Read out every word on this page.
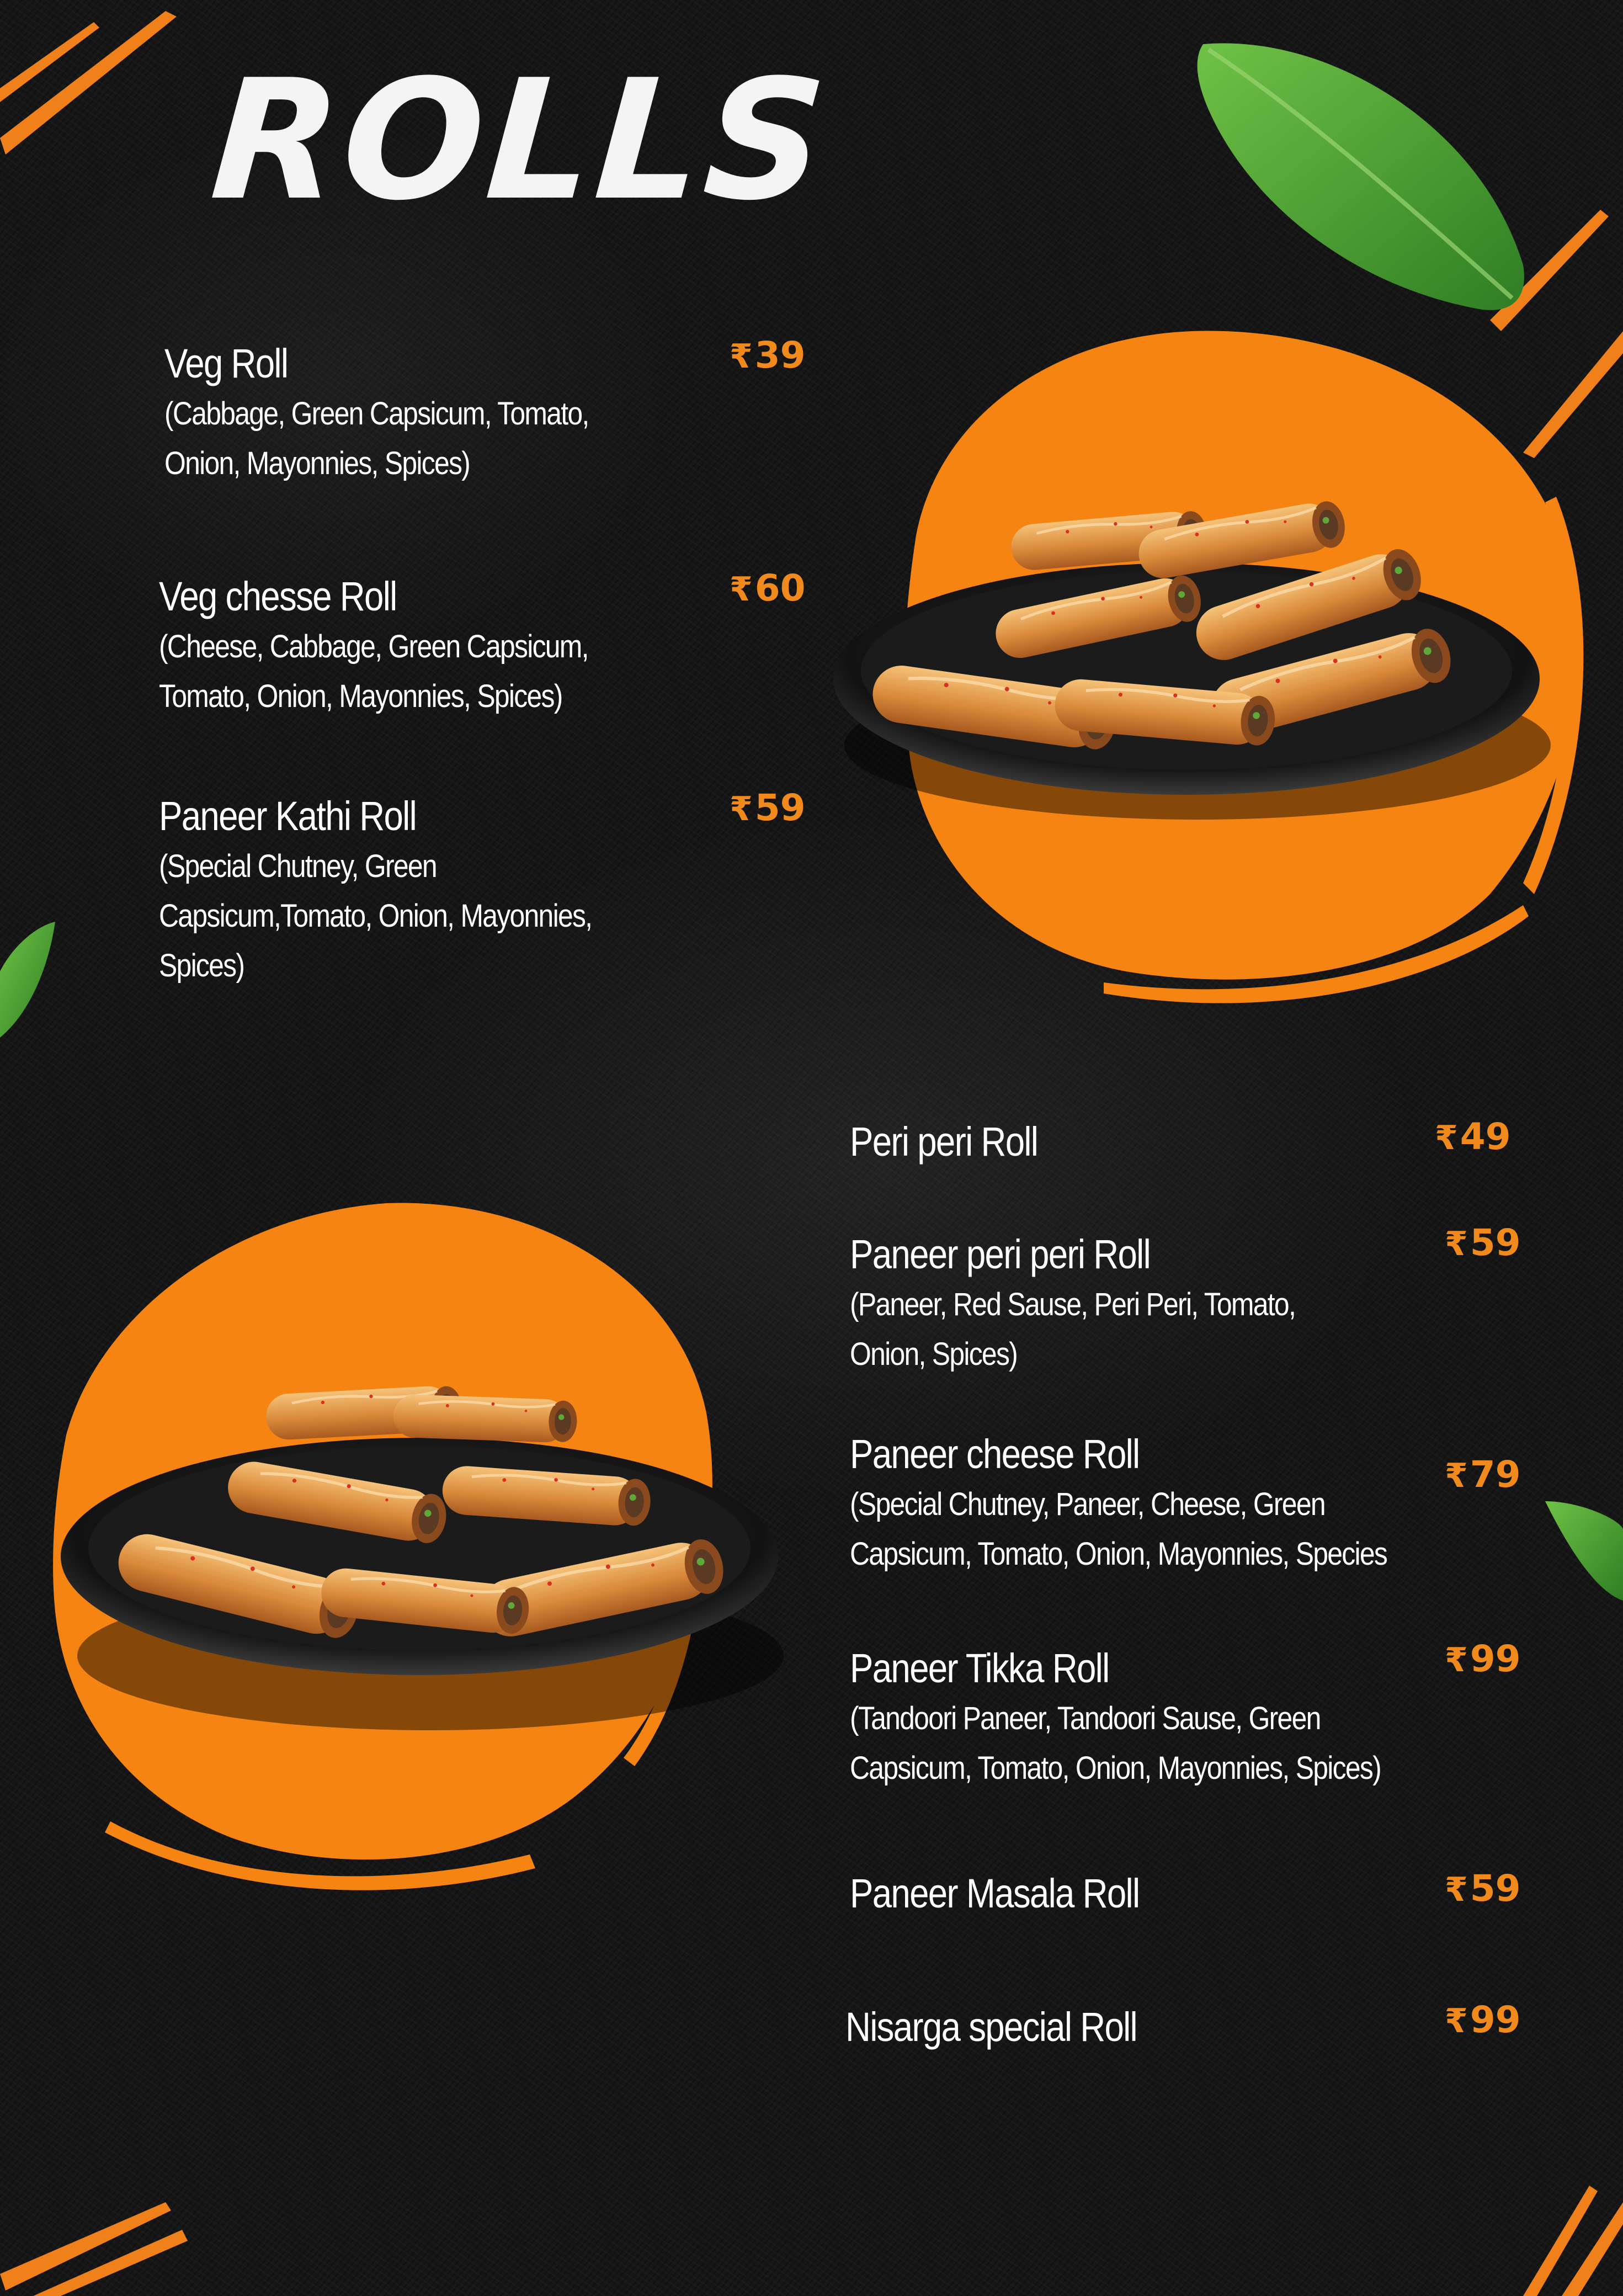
ROLLS
Veg Roll
(Cabbage, Green Capsicum, Tomato,
Onion, Mayonnies, Spices)
₹39
Veg chesse Roll
(Cheese, Cabbage, Green Capsicum,
Tomato, Onion, Mayonnies, Spices)
₹60
Paneer Kathi Roll
(Special Chutney, Green
Capsicum,Tomato, Onion, Mayonnies,
Spices)
₹59
Peri peri Roll	₹49
Paneer peri peri Roll
(Paneer, Red Sause, Peri Peri, Tomato,
Onion, Spices)
₹59
Paneer cheese Roll
(Special Chutney, Paneer, Cheese, Green
Capsicum, Tomato, Onion, Mayonnies, Species
₹79
Paneer Tikka Roll
(Tandoori Paneer, Tandoori Sause, Green
Capsicum, Tomato, Onion, Mayonnies, Spices)
₹99
Paneer Masala Roll	₹59
Nisarga special Roll	₹99
